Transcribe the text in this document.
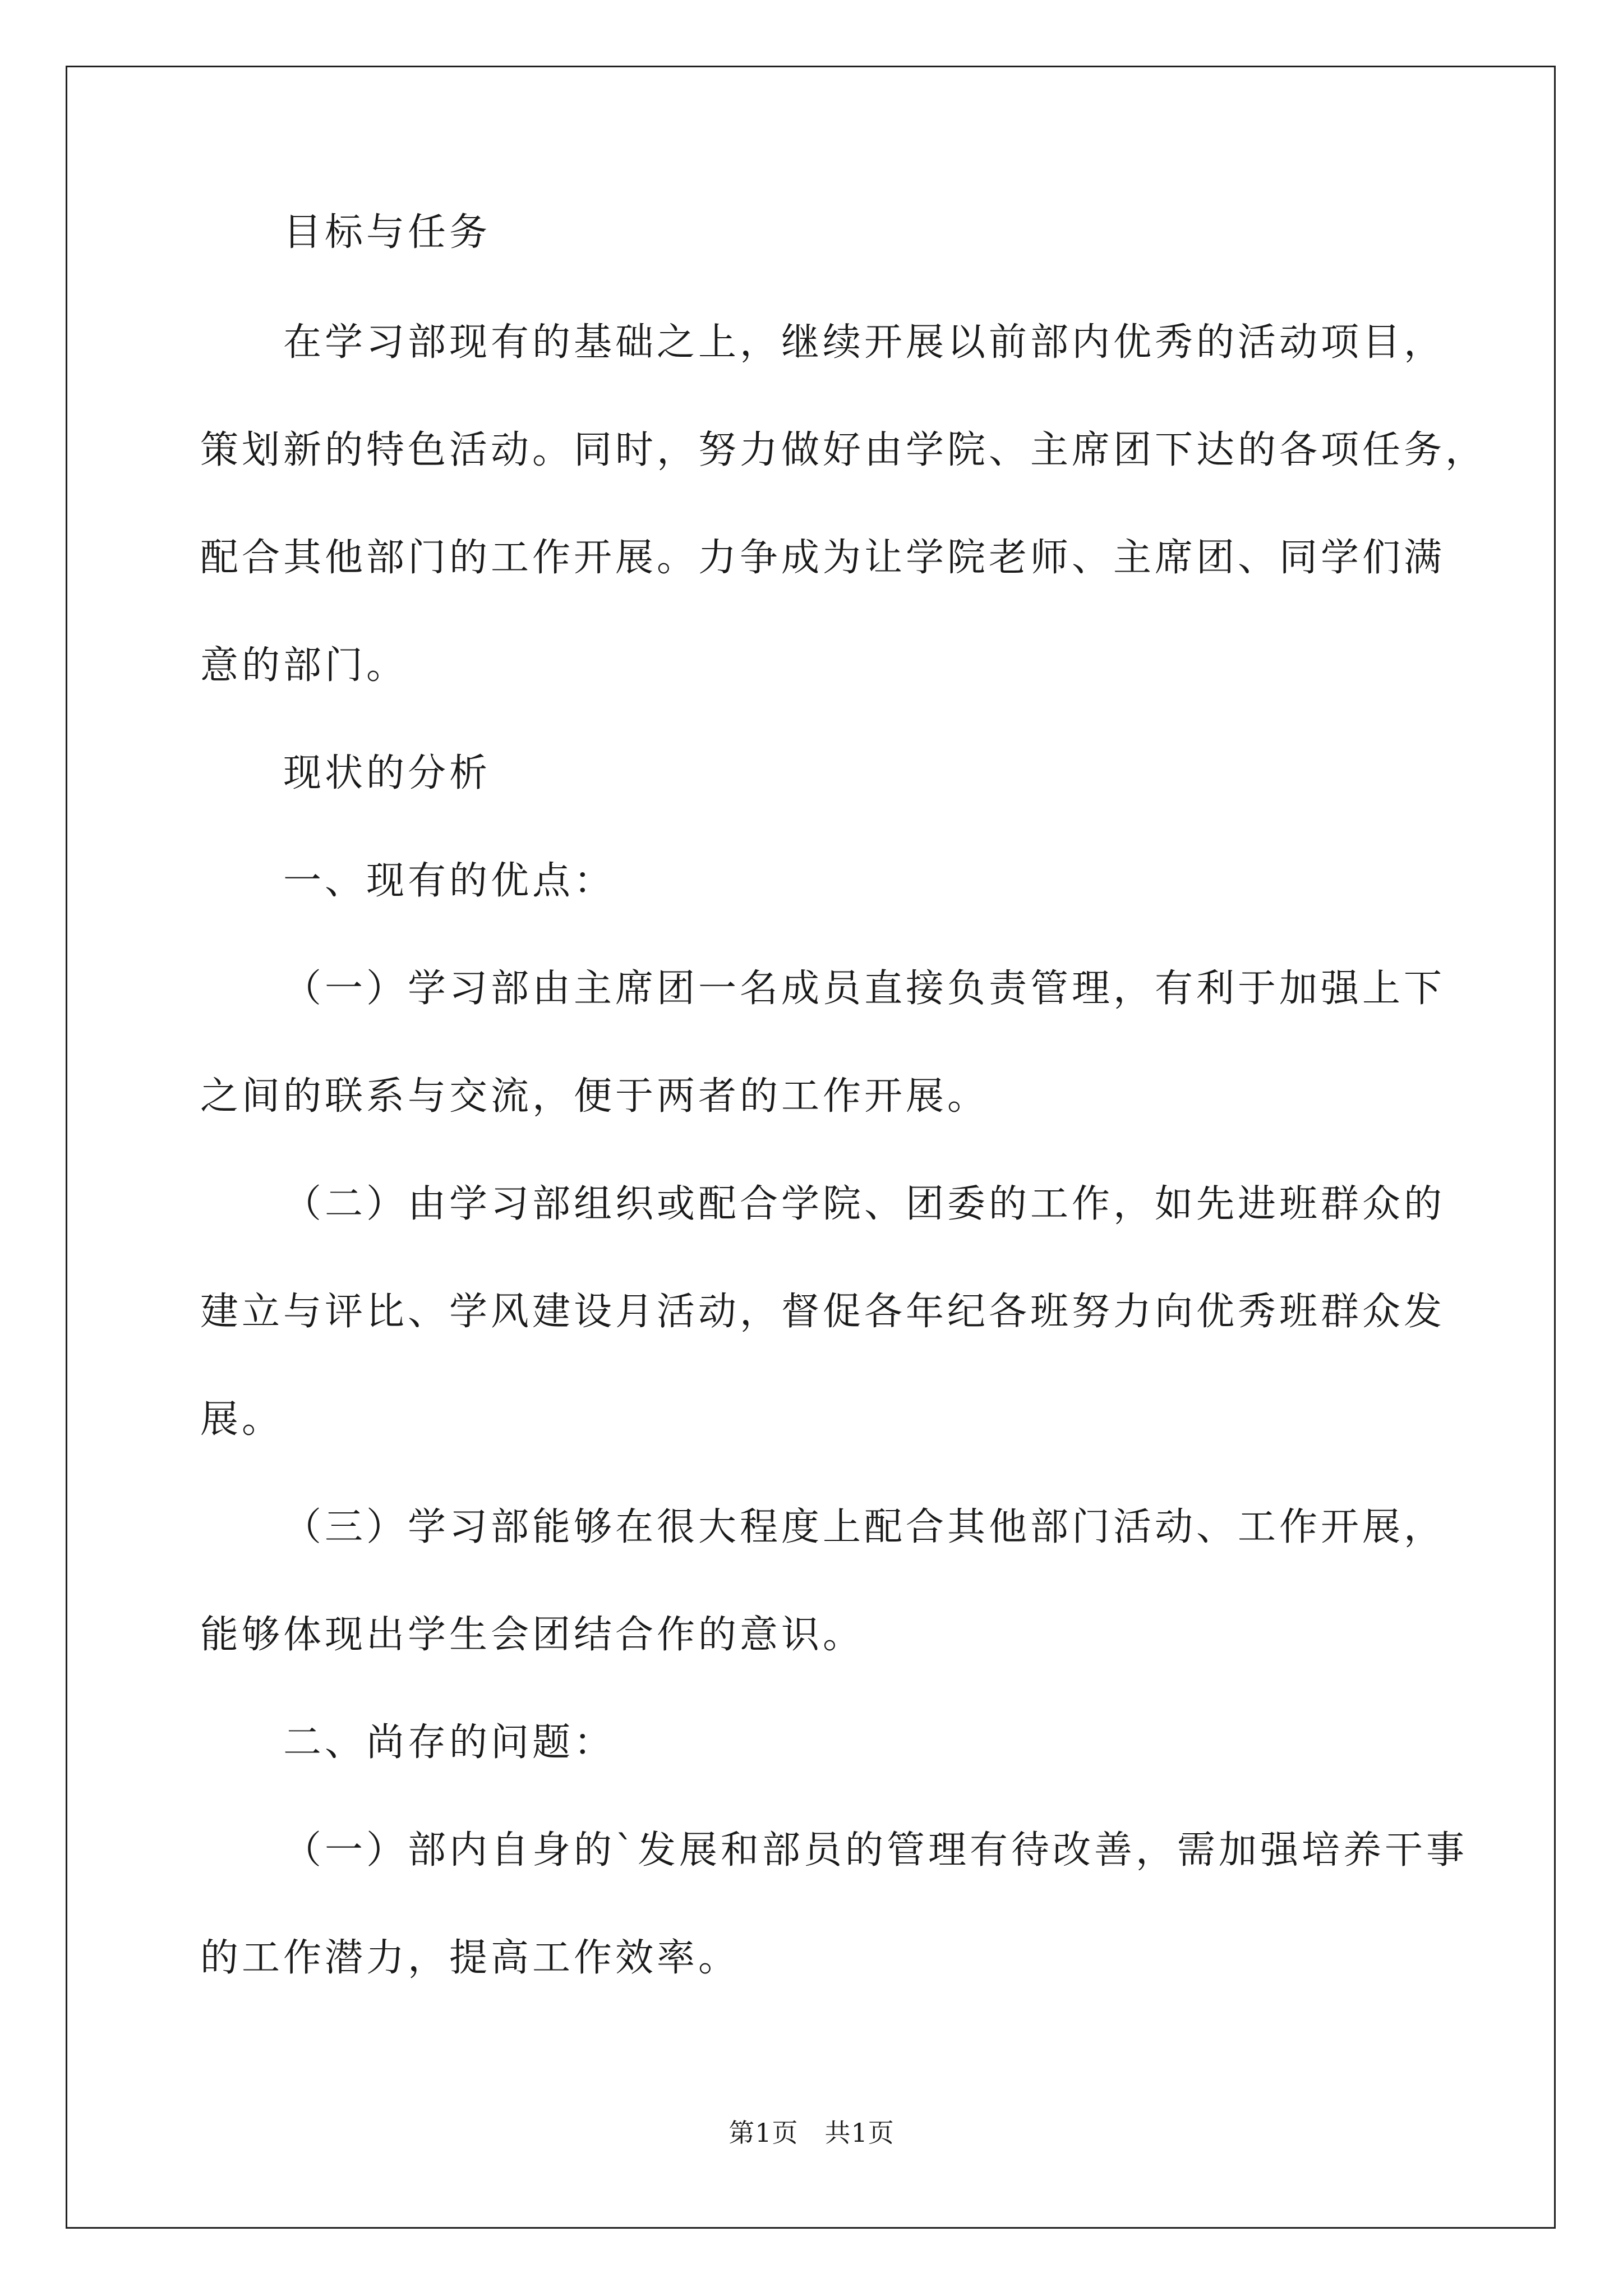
目标与任务
在学习部现有的基础之上，继续开展以前部内优秀的活动项目，
策划新的特色活动。同时，努力做好由学院、主席团下达的各项任务，
配合其他部门的工作开展。力争成为让学院老师、主席团、同学们满
意的部门。
现状的分析
一、现有的优点：
（一）学习部由主席团一名成员直接负责管理，有利于加强上下
之间的联系与交流，便于两者的工作开展。
（二）由学习部组织或配合学院、团委的工作，如先进班群众的
建立与评比、学风建设月活动，督促各年纪各班努力向优秀班群众发
展。
（三）学习部能够在很大程度上配合其他部门活动、工作开展，
能够体现出学生会团结合作的意识。
二、尚存的问题：
（一）部内自身的`发展和部员的管理有待改善，需加强培养干事
的工作潜力，提高工作效率。
第1页　共1页
